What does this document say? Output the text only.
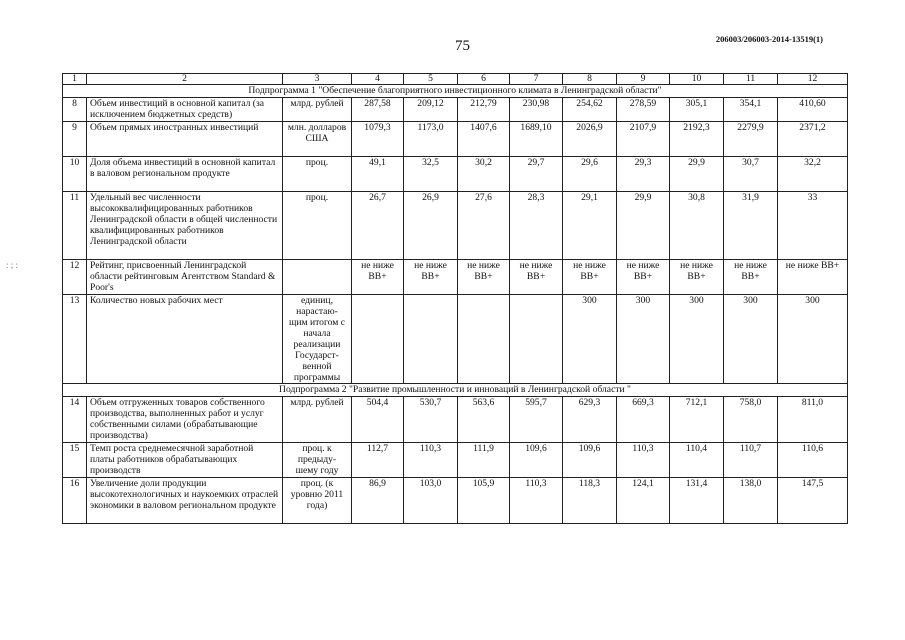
75	206003/206003-2014-13519(1)
: ; :
1	2	3	4	5	6	7	8	9	10	11	12
Подпрограмма 1 "Обеспечение благоприятного инвестиционного климата в Ленинградской области"											
8	Объем инвестиций в основной капитал (за исключением бюджетных средств)	млрд. рублей	287,58	209,12	212,79	230,98	254,62	278,59	305,1	354,1	410,60
9	Объем прямых иностранных инвестиций	млн. долларов США	1079,3	1173,0	1407,6	1689,10	2026,9	2107,9	2192,3	2279,9	2371,2
10	Доля объема инвестиций в основной капитал в валовом региональном продукте	проц.	49,1	32,5	30,2	29,7	29,6	29,3	29,9	30,7	32,2
11	Удельный вес численности высококвалифицированных работников Ленинградской области в общей численности квалифицированных работников Ленинградской области	проц.	26,7	26,9	27,6	28,3	29,1	29,9	30,8	31,9	33
12	Рейтинг, присвоенный Ленинградской области рейтинговым Агентством Standard & Poor's		не ниже BB+	не ниже BB+	не ниже BB+	не ниже BB+	не ниже BB+	не ниже BB+	не ниже BB+	не ниже BB+	не ниже BB+
13	Количество новых рабочих мест	единиц, нарастаю- щим итогом с начала реализации Государст- венной программы					300	300	300	300	300
Подпрограмма 2 "Развитие промышленности и инноваций в Ленинградской области "											
14	Объем отгруженных товаров собственного производства, выполненных работ и услуг собственными силами (обрабатывающие производства)	млрд. рублей	504,4	530,7	563,6	595,7	629,3	669,3	712,1	758,0	811,0
15	Темп роста среднемесячной заработной платы работников обрабатывающих производств	проц. к предыду- шему году	112,7	110,3	111,9	109,6	109,6	110,3	110,4	110,7	110,6
16	Увеличение доли продукции высокотехнологичных и наукоемких отраслей экономики в валовом региональном продукте	проц. (к уровню 2011 года)	86,9	103,0	105,9	110,3	118,3	124,1	131,4	138,0	147,5
